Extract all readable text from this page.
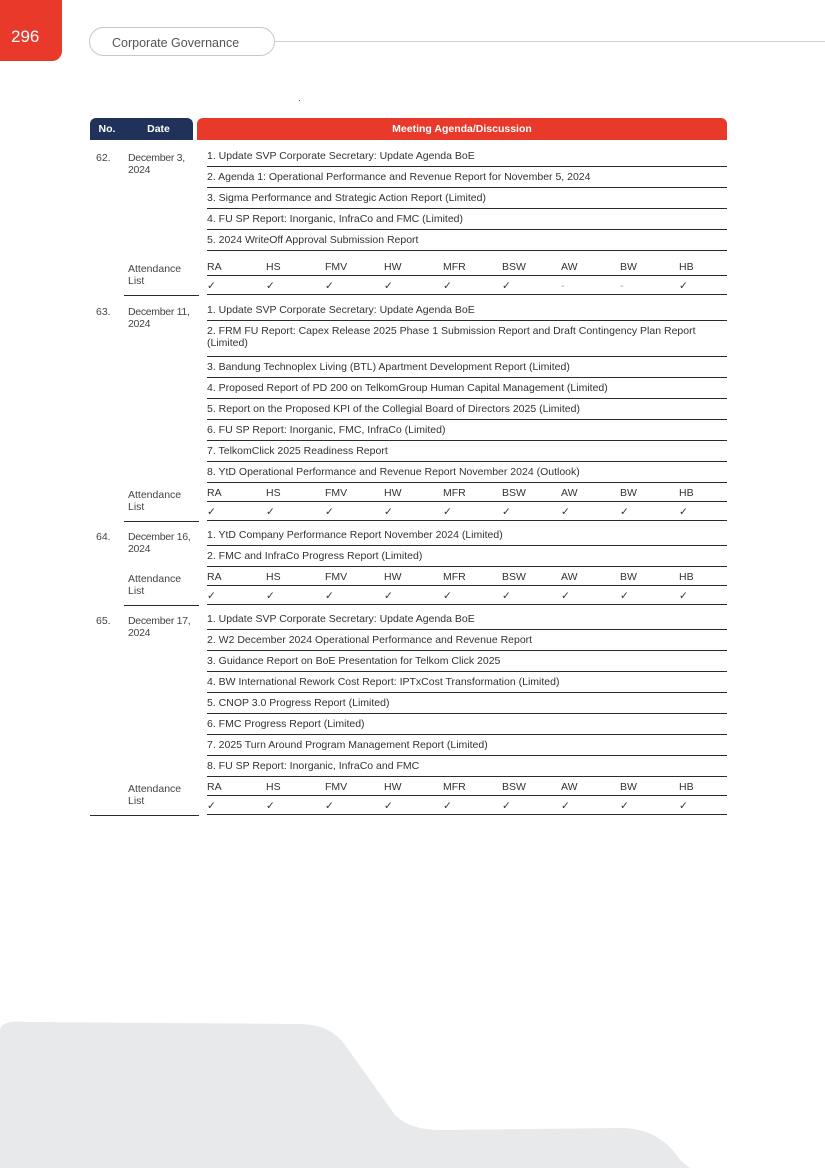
296	Corporate Governance
No.	Date	Meeting Agenda/Discussion
62. December 3, 2024
1. Update SVP Corporate Secretary: Update Agenda BoE
2. Agenda 1: Operational Performance and Revenue Report for November 5, 2024
3. Sigma Performance and Strategic Action Report (Limited)
4. FU SP Report: Inorganic, InfraCo and FMC (Limited)
5. 2024 WriteOff Approval Submission Report
Attendance List
RA	HS	FMV	HW	MFR	BSW	AW	BW	HB
✓	✓	✓	✓	✓	✓	-	-	✓
63. December 11, 2024
1. Update SVP Corporate Secretary: Update Agenda BoE
2. FRM FU Report: Capex Release 2025 Phase 1 Submission Report and Draft Contingency Plan Report (Limited)
3. Bandung Technoplex Living (BTL) Apartment Development Report (Limited)
4. Proposed Report of PD 200 on TelkomGroup Human Capital Management (Limited)
5. Report on the Proposed KPI of the Collegial Board of Directors 2025 (Limited)
6. FU SP Report: Inorganic, FMC, InfraCo (Limited)
7. TelkomClick 2025 Readiness Report
8. YtD Operational Performance and Revenue Report November 2024 (Outlook)
Attendance List
RA	HS	FMV	HW	MFR	BSW	AW	BW	HB
✓	✓	✓	✓	✓	✓	✓	✓	✓
64. December 16, 2024
1. YtD Company Performance Report November 2024 (Limited)
2. FMC and InfraCo Progress Report (Limited)
Attendance List
RA	HS	FMV	HW	MFR	BSW	AW	BW	HB
✓	✓	✓	✓	✓	✓	✓	✓	✓
65. December 17, 2024
1. Update SVP Corporate Secretary: Update Agenda BoE
2. W2 December 2024 Operational Performance and Revenue Report
3. Guidance Report on BoE Presentation for Telkom Click 2025
4. BW International Rework Cost Report: IPTxCost Transformation (Limited)
5. CNOP 3.0 Progress Report (Limited)
6. FMC Progress Report (Limited)
7. 2025 Turn Around Program Management Report (Limited)
8. FU SP Report: Inorganic, InfraCo and FMC
Attendance List
RA	HS	FMV	HW	MFR	BSW	AW	BW	HB
✓	✓	✓	✓	✓	✓	✓	✓	✓
